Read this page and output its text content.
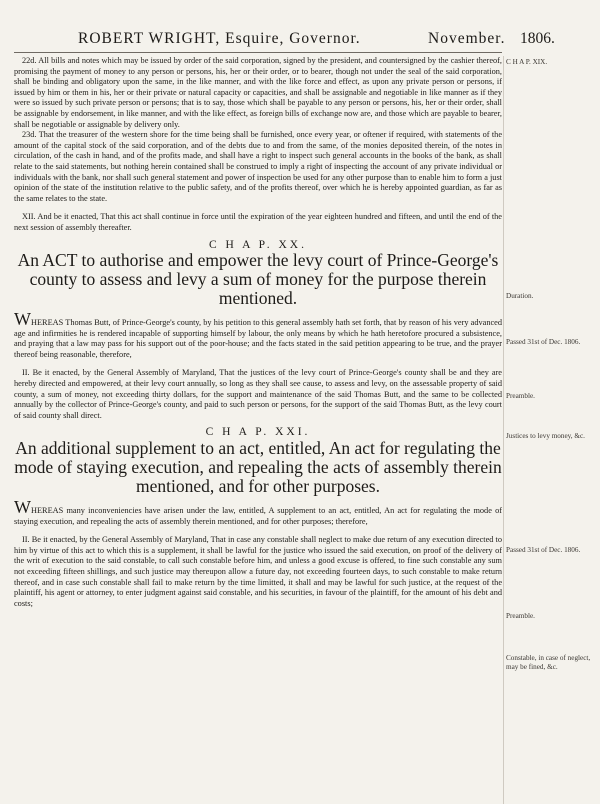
ROBERT WRIGHT, Esquire, Governor.	November. 1806.

22d. All bills and notes which may be issued by order of the said corporation, signed by the president, and countersigned by the cashier thereof, promising the payment of money to any person or persons, his, her or their order, or to bearer, though not under the seal of the said corporation, shall be binding and obligatory upon the same, in the like manner, and with the like force and effect, as upon any private person or persons, if issued by him or them in his, her or their private or natural capacity or capacities, and shall be assignable and negotiable in like manner as if they were so issued by such private person or persons; that is to say, those which shall be payable to any person or persons, his, her or their order, shall be assignable by endorsement, in like manner, and with the like effect, as foreign bills of exchange now are, and those which are payable to bearer, shall be negotiable or assignable by delivery only.

23d. That the treasurer of the western shore for the time being shall be furnished, once every year, or oftener if required, with statements of the amount of the capital stock of the said corporation, and of the debts due to and from the same, of the monies deposited therein, of the notes in circulation, of the cash in hand, and of the profits made, and shall have a right to inspect such general accounts in the books of the bank, as shall relate to the said statements, but nothing herein contained shall be construed to imply a right of inspecting the account of any private individual or individuals with the bank, nor shall such general statement and power of inspection be used for any other purpose than to enable him to form a just opinion of the state of the institution relative to the public safety, and of the profits thereof, over which he is hereby appointed guardian, as far as the same relates to the state.

XII. And be it enacted, That this act shall continue in force until the expiration of the year eighteen hundred and fifteen, and until the end of the next session of assembly thereafter.

C H A P. XX.
An ACT to authorise and empower the levy court of Prince-George's county to assess and levy a sum of money for the purpose therein mentioned.

WHEREAS Thomas Butt, of Prince-George's county, by his petition to this general assembly hath set forth, that by reason of his very advanced age and infirmities he is rendered incapable of supporting himself by labour, the only means by which he hath heretofore procured a subsistence, and praying that a law may pass for his support out of the poor-house; and the facts stated in the said petition appearing to be true, and the prayer thereof being reasonable, therefore,

II. Be it enacted, by the General Assembly of Maryland, That the justices of the levy court of Prince-George's county shall be and they are hereby directed and empowered, at their levy court annually, so long as they shall see cause, to assess and levy, on the assessable property of said county, a sum of money, not exceeding thirty dollars, for the support and maintenance of the said Thomas Butt, and the same to be collected annually by the collector of Prince-George's county, and paid to such person or persons, for the support of the said Thomas Butt, as the levy court of said county shall direct.

C H A P. XXI.
An additional supplement to an act, entitled, An act for regulating the mode of staying execution, and repealing the acts of assembly therein mentioned, and for other purposes.

WHEREAS many inconveniencies have arisen under the law, entitled, A supplement to an act, entitled, An act for regulating the mode of staying execution, and repealing the acts of assembly therein mentioned, and for other purposes; therefore,

II. Be it enacted, by the General Assembly of Maryland, That in case any constable shall neglect to make due return of any execution directed to him by virtue of this act to which this is a supplement, it shall be lawful for the justice who issued the said execution, on proof of the delivery of the writ of execution to the said constable, to call such constable before him, and unless a good excuse is offered, to fine such constable any sum not exceeding fifteen shillings, and such justice may thereupon allow a future day, not exceeding fourteen days, to such constable to make return thereof, and in case such constable shall fail to make return by the time limitted, it shall and may be lawful for such justice, at the request of the plaintiff, his agent or attorney, to enter judgment against said constable, and his securities, in favour of the plaintiff, for the amount of his debt and costs;

C H A P. XIX.
Duration.
Passed 31st of Dec. 1806.
Preamble.
Justices to levy money, &c.
Passed 31st of Dec. 1806.
Preamble.
Constable, in case of neglect, may be fined, &c.
